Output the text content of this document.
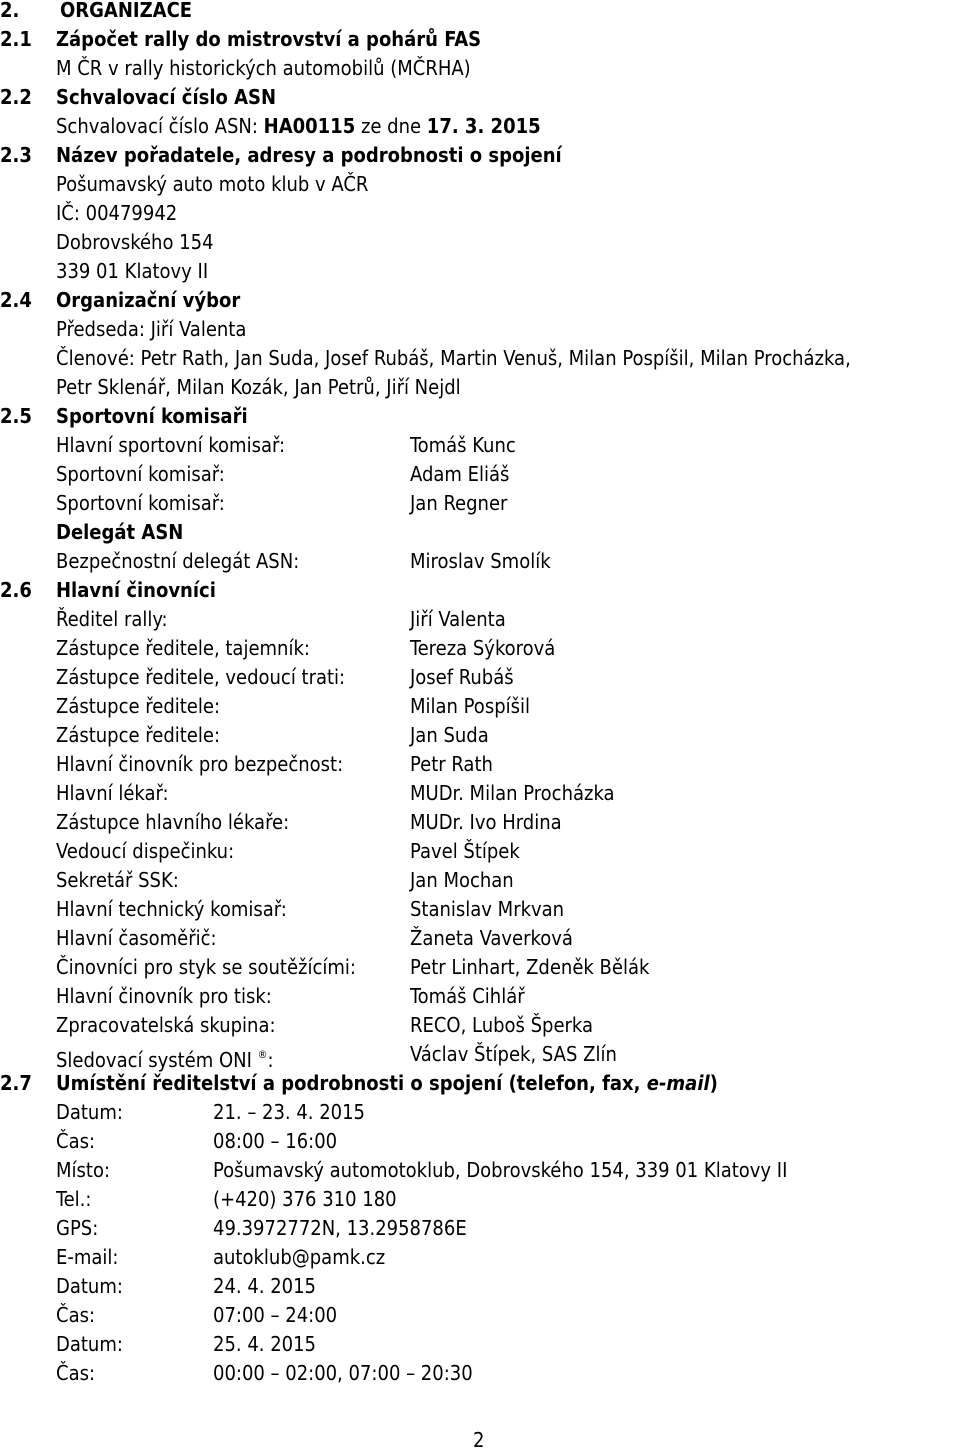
2. ORGANIZACE
2.1 Zápočet rally do mistrovství a pohárů FAS
M ČR v rally historických automobilů (MČRHA)
2.2 Schvalovací číslo ASN
Schvalovací číslo ASN: HA00115 ze dne 17. 3. 2015
2.3 Název pořadatele, adresy a podrobnosti o spojení
Pošumavský auto moto klub v AČR
IČ: 00479942
Dobrovského 154
339 01 Klatovy II
2.4 Organizační výbor
Předseda: Jiří Valenta
Členové: Petr Rath, Jan Suda, Josef Rubáš, Martin Venuš, Milan Pospíšil, Milan Procházka,
Petr Sklenář, Milan Kozák, Jan Petrů, Jiří Nejdl
2.5 Sportovní komisaři
Hlavní sportovní komisař:	Tomáš Kunc
Sportovní komisař:	Adam Eliáš
Sportovní komisař:	Jan Regner
Delegát ASN
Bezpečnostní delegát ASN:	Miroslav Smolík
2.6 Hlavní činovníci
Ředitel rally:	Jiří Valenta
Zástupce ředitele, tajemník:	Tereza Sýkorová
Zástupce ředitele, vedoucí trati:	Josef Rubáš
Zástupce ředitele:	Milan Pospíšil
Zástupce ředitele:	Jan Suda
Hlavní činovník pro bezpečnost:	Petr Rath
Hlavní lékař:	MUDr. Milan Procházka
Zástupce hlavního lékaře:	MUDr. Ivo Hrdina
Vedoucí dispečinku:	Pavel Štípek
Sekretář SSK:	Jan Mochan
Hlavní technický komisař:	Stanislav Mrkvan
Hlavní časoměřič:	Žaneta Vaverková
Činovníci pro styk se soutěžícími:	Petr Linhart, Zdeněk Bělák
Hlavní činovník pro tisk:	Tomáš Cihlář
Zpracovatelská skupina:	RECO, Luboš Šperka
Sledovací systém ONI ®:	Václav Štípek, SAS Zlín
2.7 Umístění ředitelství a podrobnosti o spojení (telefon, fax, e-mail)
Datum:	21. – 23. 4. 2015
Čas:	08:00 – 16:00
Místo:	Pošumavský automotoklub, Dobrovského 154, 339 01 Klatovy II
Tel.:	(+420) 376 310 180
GPS:	49.3972772N, 13.2958786E
E-mail:	autoklub@pamk.cz
Datum:	24. 4. 2015
Čas:	07:00 – 24:00
Datum:	25. 4. 2015
Čas:	00:00 – 02:00, 07:00 – 20:30
2
